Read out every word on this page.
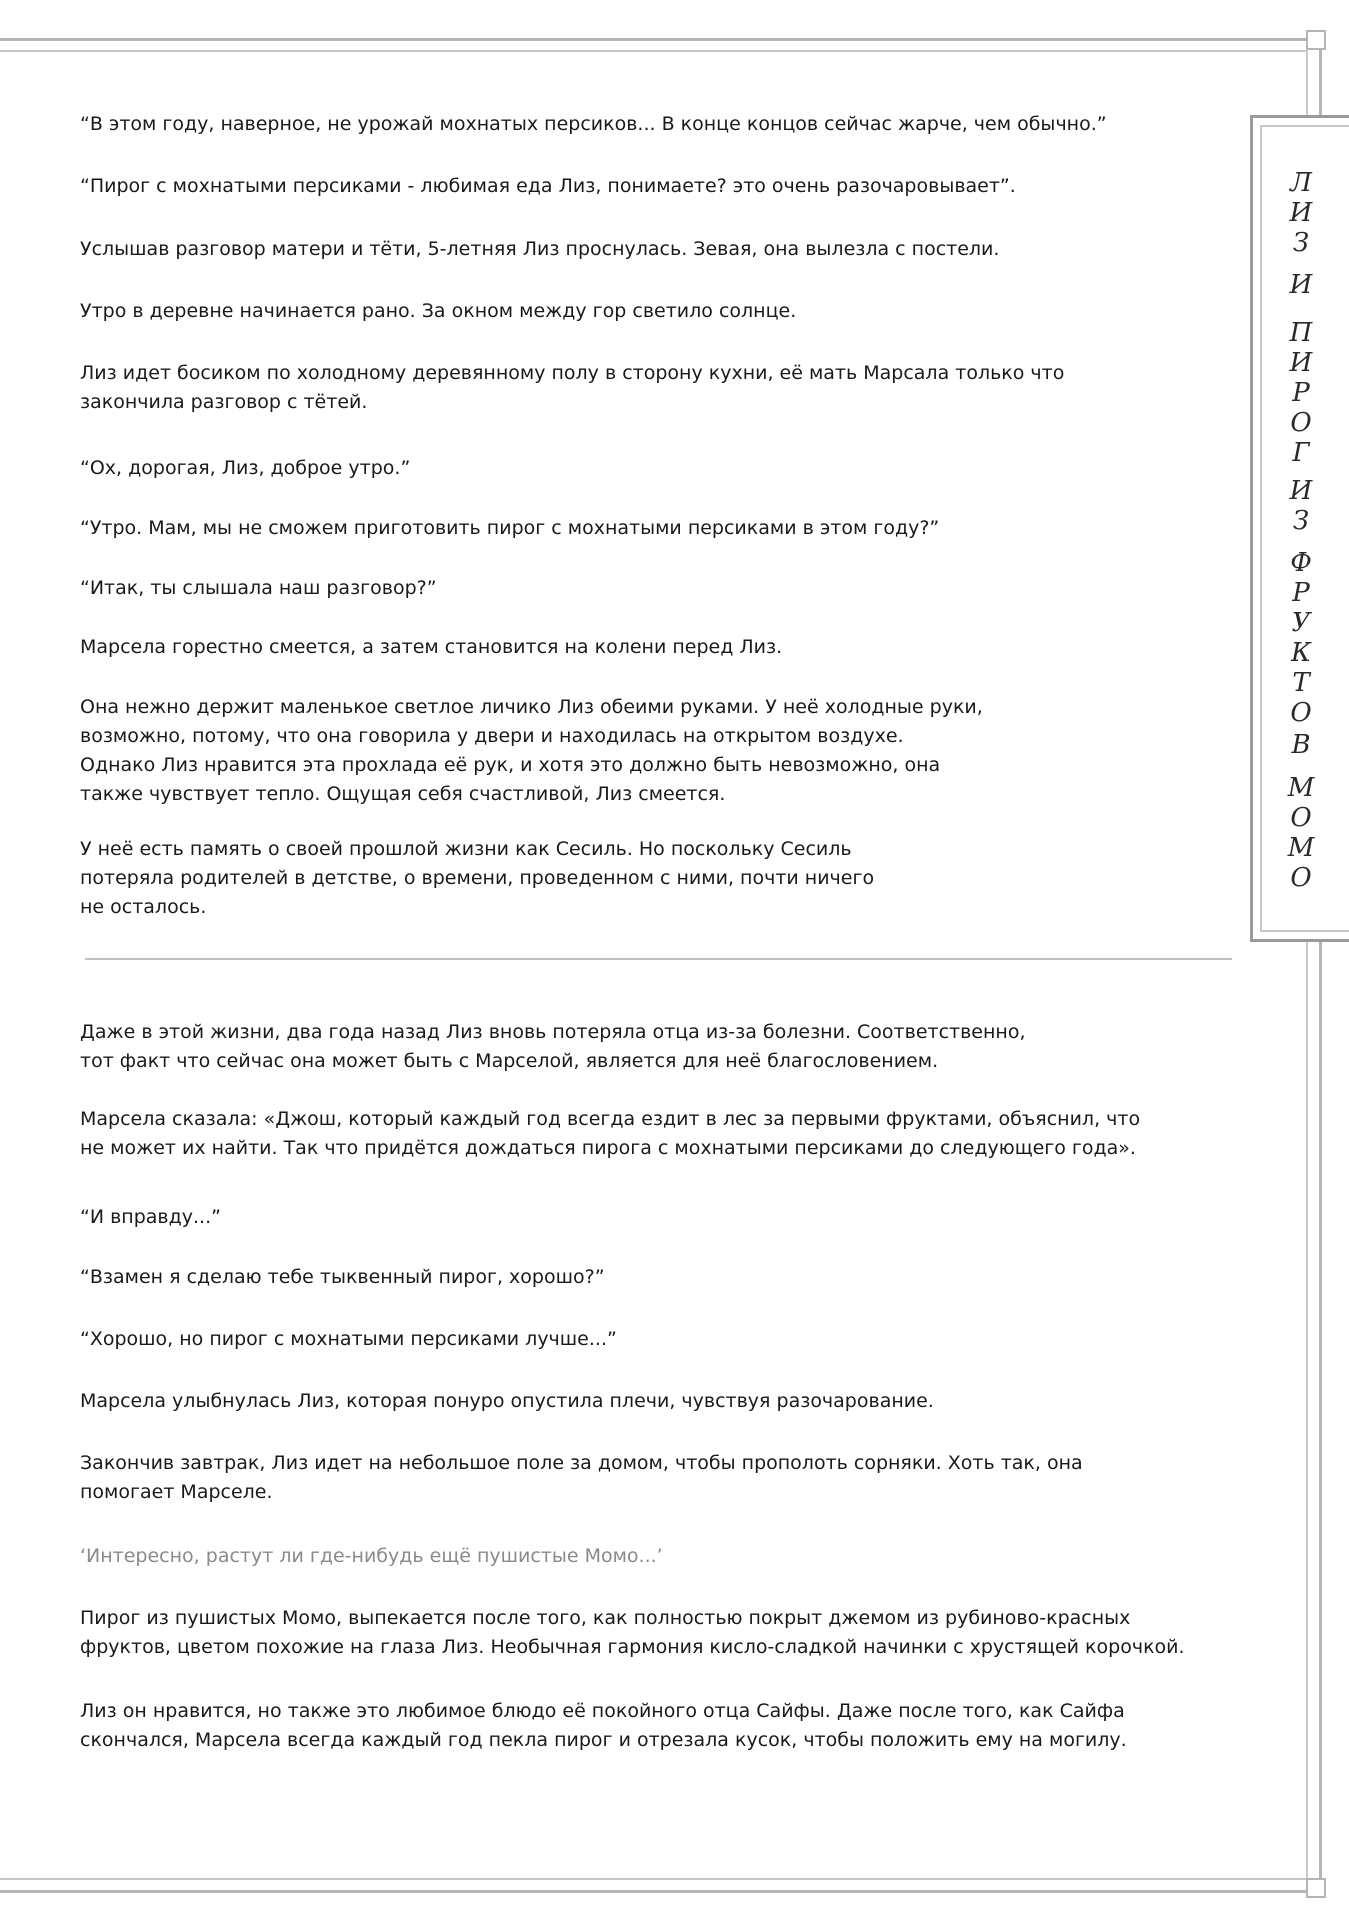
Л
И
З
И
П
И
Р
О
Г
И
З
Ф
Р
У
К
Т
О
В
М
О
М
О

“В этом году, наверное, не урожай мохнатых персиков... В конце концов сейчас жарче, чем обычно.”

“Пирог с мохнатыми персиками - любимая еда Лиз, понимаете? это очень разочаровывает”.

Услышав разговор матери и тёти, 5-летняя Лиз проснулась. Зевая, она вылезла с постели.

Утро в деревне начинается рано. За окном между гор светило солнце.

Лиз идет босиком по холодному деревянному полу в сторону кухни, её мать Марсала только что
закончила разговор с тётей.

“Ох, дорогая, Лиз, доброе утро.”

“Утро. Мам, мы не сможем приготовить пирог с мохнатыми персиками в этом году?”

“Итак, ты слышала наш разговор?”

Марсела горестно смеется, а затем становится на колени перед Лиз.

Она нежно держит маленькое светлое личико Лиз обеими руками. У неё холодные руки,
возможно, потому, что она говорила у двери и находилась на открытом воздухе.
Однако Лиз нравится эта прохлада её рук, и хотя это должно быть невозможно, она
также чувствует тепло. Ощущая себя счастливой, Лиз смеется.

У неё есть память о своей прошлой жизни как Сесиль. Но поскольку Сесиль
потеряла родителей в детстве, о времени, проведенном с ними, почти ничего
не осталось.

Даже в этой жизни, два года назад Лиз вновь потеряла отца из-за болезни. Соответственно,
тот факт что сейчас она может быть с Марселой, является для неё благословением.

Марсела сказала: «Джош, который каждый год всегда ездит в лес за первыми фруктами, объяснил, что
не может их найти. Так что придётся дождаться пирога с мохнатыми персиками до следующего года».

“И вправду...”

“Взамен я сделаю тебе тыквенный пирог, хорошо?”

“Хорошо, но пирог с мохнатыми персиками лучше...”

Марсела улыбнулась Лиз, которая понуро опустила плечи, чувствуя разочарование.

Закончив завтрак, Лиз идет на небольшое поле за домом, чтобы прополоть сорняки. Хоть так, она
помогает Марселе.

‘Интересно, растут ли где-нибудь ещё пушистые Момо...’

Пирог из пушистых Момо, выпекается после того, как полностью покрыт джемом из рубиново-красных
фруктов, цветом похожие на глаза Лиз. Необычная гармония кисло-сладкой начинки с хрустящей корочкой.

Лиз он нравится, но также это любимое блюдо её покойного отца Сайфы. Даже после того, как Сайфа
скончался, Марсела всегда каждый год пекла пирог и отрезала кусок, чтобы положить ему на могилу.
